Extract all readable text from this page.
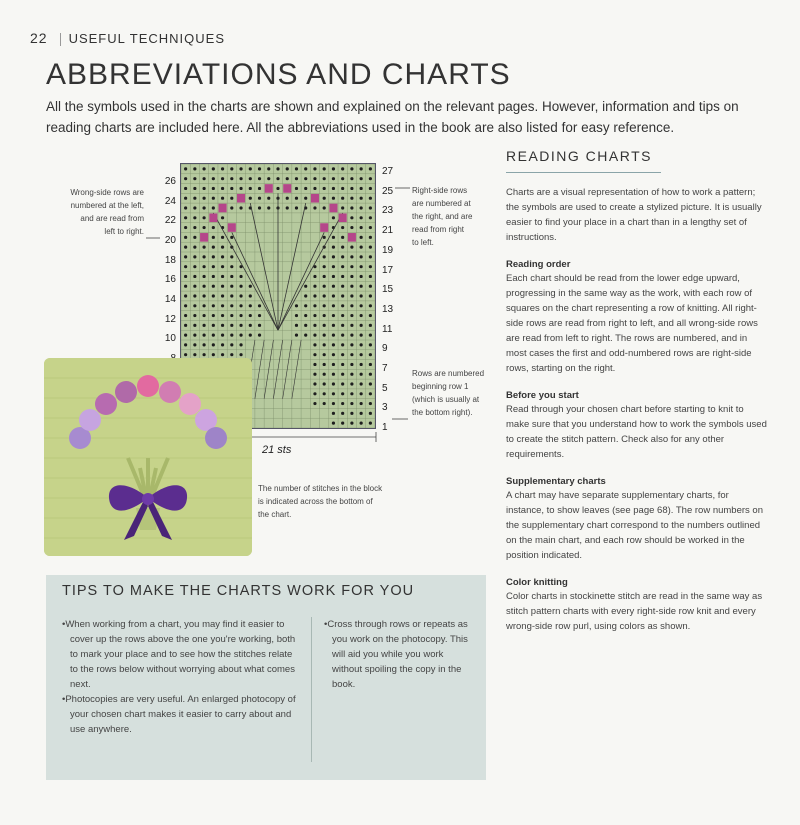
22 USEFUL TECHNIQUES
ABBREVIATIONS AND CHARTS

All the symbols used in the charts are shown and explained on the relevant pages. However, information and tips on reading charts are included here. All the abbreviations used in the book are also listed for easy reference.

26
24
22
20
18
16
14
12
10
27
25
23
21
19
17
15
13
11
9
7
5
3
1
Wrong-side rows are
numbered at the left,
and are read from
left to right.
Right-side rows
are numbered at
the right, and are
read from right
to left.
Rows are numbered
beginning row 1
(which is usually at
the bottom right).
21 sts
The number of stitches in the block
is indicated across the bottom of
the chart.
READING CHARTS

Charts are a visual representation of how to work a pattern; the symbols are used to create a stylized picture. It is usually easier to find your place in a chart than in a lengthy set of instructions.

Reading order

Each chart should be read from the lower edge upward, progressing in the same way as the work, with each row of squares on the chart representing a row of knitting. All right-side rows are read from right to left, and all wrong-side rows are read from left to right. The rows are numbered, and in most cases the first and odd-numbered rows are right-side rows, starting on the right.

Before you start

Read through your chosen chart before starting to knit to make sure that you understand how to work the symbols used to create the stitch pattern. Check also for any other requirements.

Supplementary charts

A chart may have separate supplementary charts, for instance, to show leaves (see page 68). The row numbers on the supplementary chart correspond to the numbers outlined on the main chart, and each row should be worked in the position indicated.

Color knitting

Color charts in stockinette stitch are read in the same way as stitch pattern charts with every right-side row knit and every wrong-side row purl, using colors as shown.

TIPS TO MAKE THE CHARTS WORK FOR YOU
• When working from a chart, you may find it easier to cover up the rows above the one you're working, both to mark your place and to see how the stitches relate to the rows below without worrying about what comes next.
• Photocopies are very useful. An enlarged photocopy of your chosen chart makes it easier to carry about and use anywhere.
• Cross through rows or repeats as you work on the photocopy. This will aid you while you work without spoiling the copy in the book.
